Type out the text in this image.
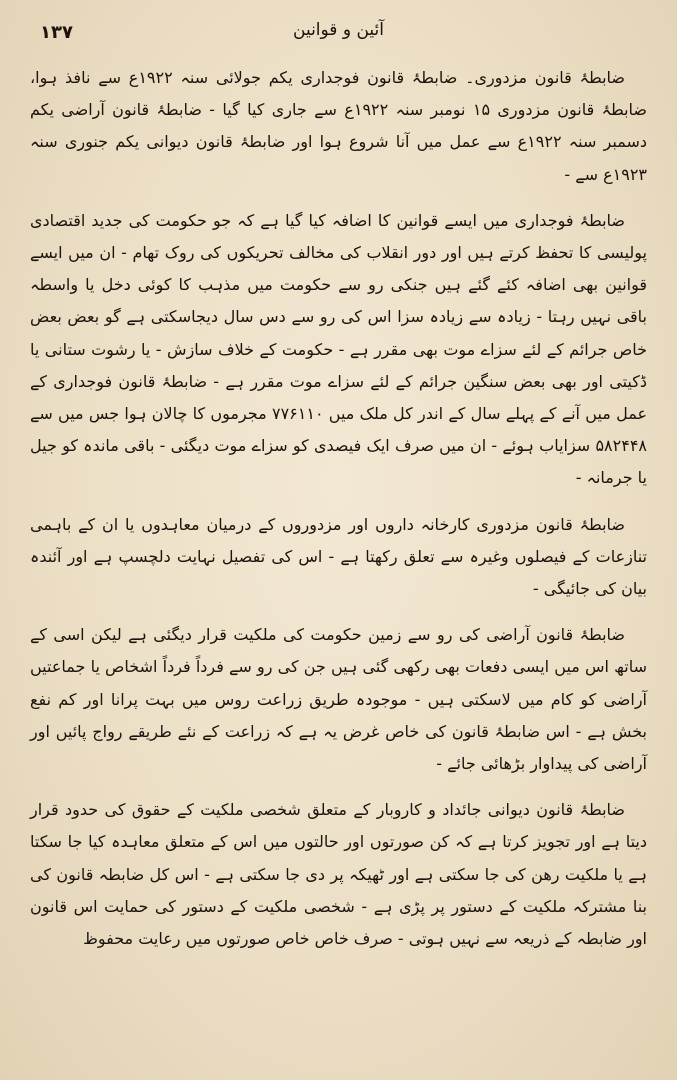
۱۳۷	آئین و قوانین

ضابطۂ قانون مزدوری۔ ضابطۂ قانون فوجداری یکم جولائی سنہ ۱۹۲۲ع سے نافذ ہوا، ضابطۂ قانون مزدوری ۱۵ نومبر سنہ ۱۹۲۲ع سے جاری کیا گیا - ضابطۂ قانون آراضی یکم دسمبر سنہ ۱۹۲۲ع سے عمل میں آنا شروع ہوا اور ضابطۂ قانون دیوانی یکم جنوری سنہ ۱۹۲۳ع سے -

ضابطۂ فوجداری میں ایسے قوانین کا اضافہ کیا گیا ہے کہ جو حکومت کی جدید اقتصادی پولیسی کا تحفظ کرتے ہیں اور دور انقلاب کی مخالف تحریکوں کی روک تھام - ان میں ایسے قوانین بھی اضافہ کئے گئے ہیں جنکی رو سے حکومت میں مذہب کا کوئی دخل یا واسطہ باقی نہیں رہتا - زیادہ سے زیادہ سزا اس کی رو سے دس سال دیجاسکتی ہے گو بعض بعض خاص جرائم کے لئے سزاے موت بھی مقرر ہے - حکومت کے خلاف سازش - یا رشوت ستانی یا ڈکیتی اور بھی بعض سنگین جرائم کے لئے سزاے موت مقرر ہے - ضابطۂ قانون فوجداری کے عمل میں آنے کے پہلے سال کے اندر کل ملک میں ۷۷۶۱۱۰ مجرموں کا چالان ہوا جس میں سے ۵۸۲۴۴۸ سزایاب ہوئے - ان میں صرف ایک فیصدی کو سزاے موت دیگئی - باقی ماندہ کو جیل یا جرمانہ -

ضابطۂ قانون مزدوری کارخانہ داروں اور مزدوروں کے درمیان معاہدوں یا ان کے باہمی تنازعات کے فیصلوں وغیرہ سے تعلق رکھتا ہے - اس کی تفصیل نہایت دلچسپ ہے اور آئندہ بیان کی جائیگی -

ضابطۂ قانون آراضی کی رو سے زمین حکومت کی ملکیت قرار دیگئی ہے لیکن اسی کے ساتھ اس میں ایسی دفعات بھی رکھی گئی ہیں جن کی رو سے فرداً فرداً اشخاص یا جماعتیں آراضی کو کام میں لاسکتی ہیں - موجودہ طریق زراعت روس میں بہت پرانا اور کم نفع بخش ہے - اس ضابطۂ قانون کی خاص غرض یہ ہے کہ زراعت کے نئے طریقے رواج پائیں اور آراضی کی پیداوار بڑھائی جائے -

ضابطۂ قانون دیوانی جائداد و کاروبار کے متعلق شخصی ملکیت کے حقوق کی حدود قرار دیتا ہے اور تجویز کرتا ہے کہ کن صورتوں اور حالتوں میں اس کے متعلق معاہدہ کیا جا سکتا ہے یا ملکیت رھن کی جا سکتی ہے اور ٹھیکہ پر دی جا سکتی ہے - اس کل ضابطہ قانون کی بنا مشترکہ ملکیت کے دستور پر پڑی ہے - شخصی ملکیت کے دستور کی حمایت اس قانون اور ضابطہ کے ذریعہ سے نہیں ہوتی - صرف خاص خاص صورتوں میں رعایت محفوظ
